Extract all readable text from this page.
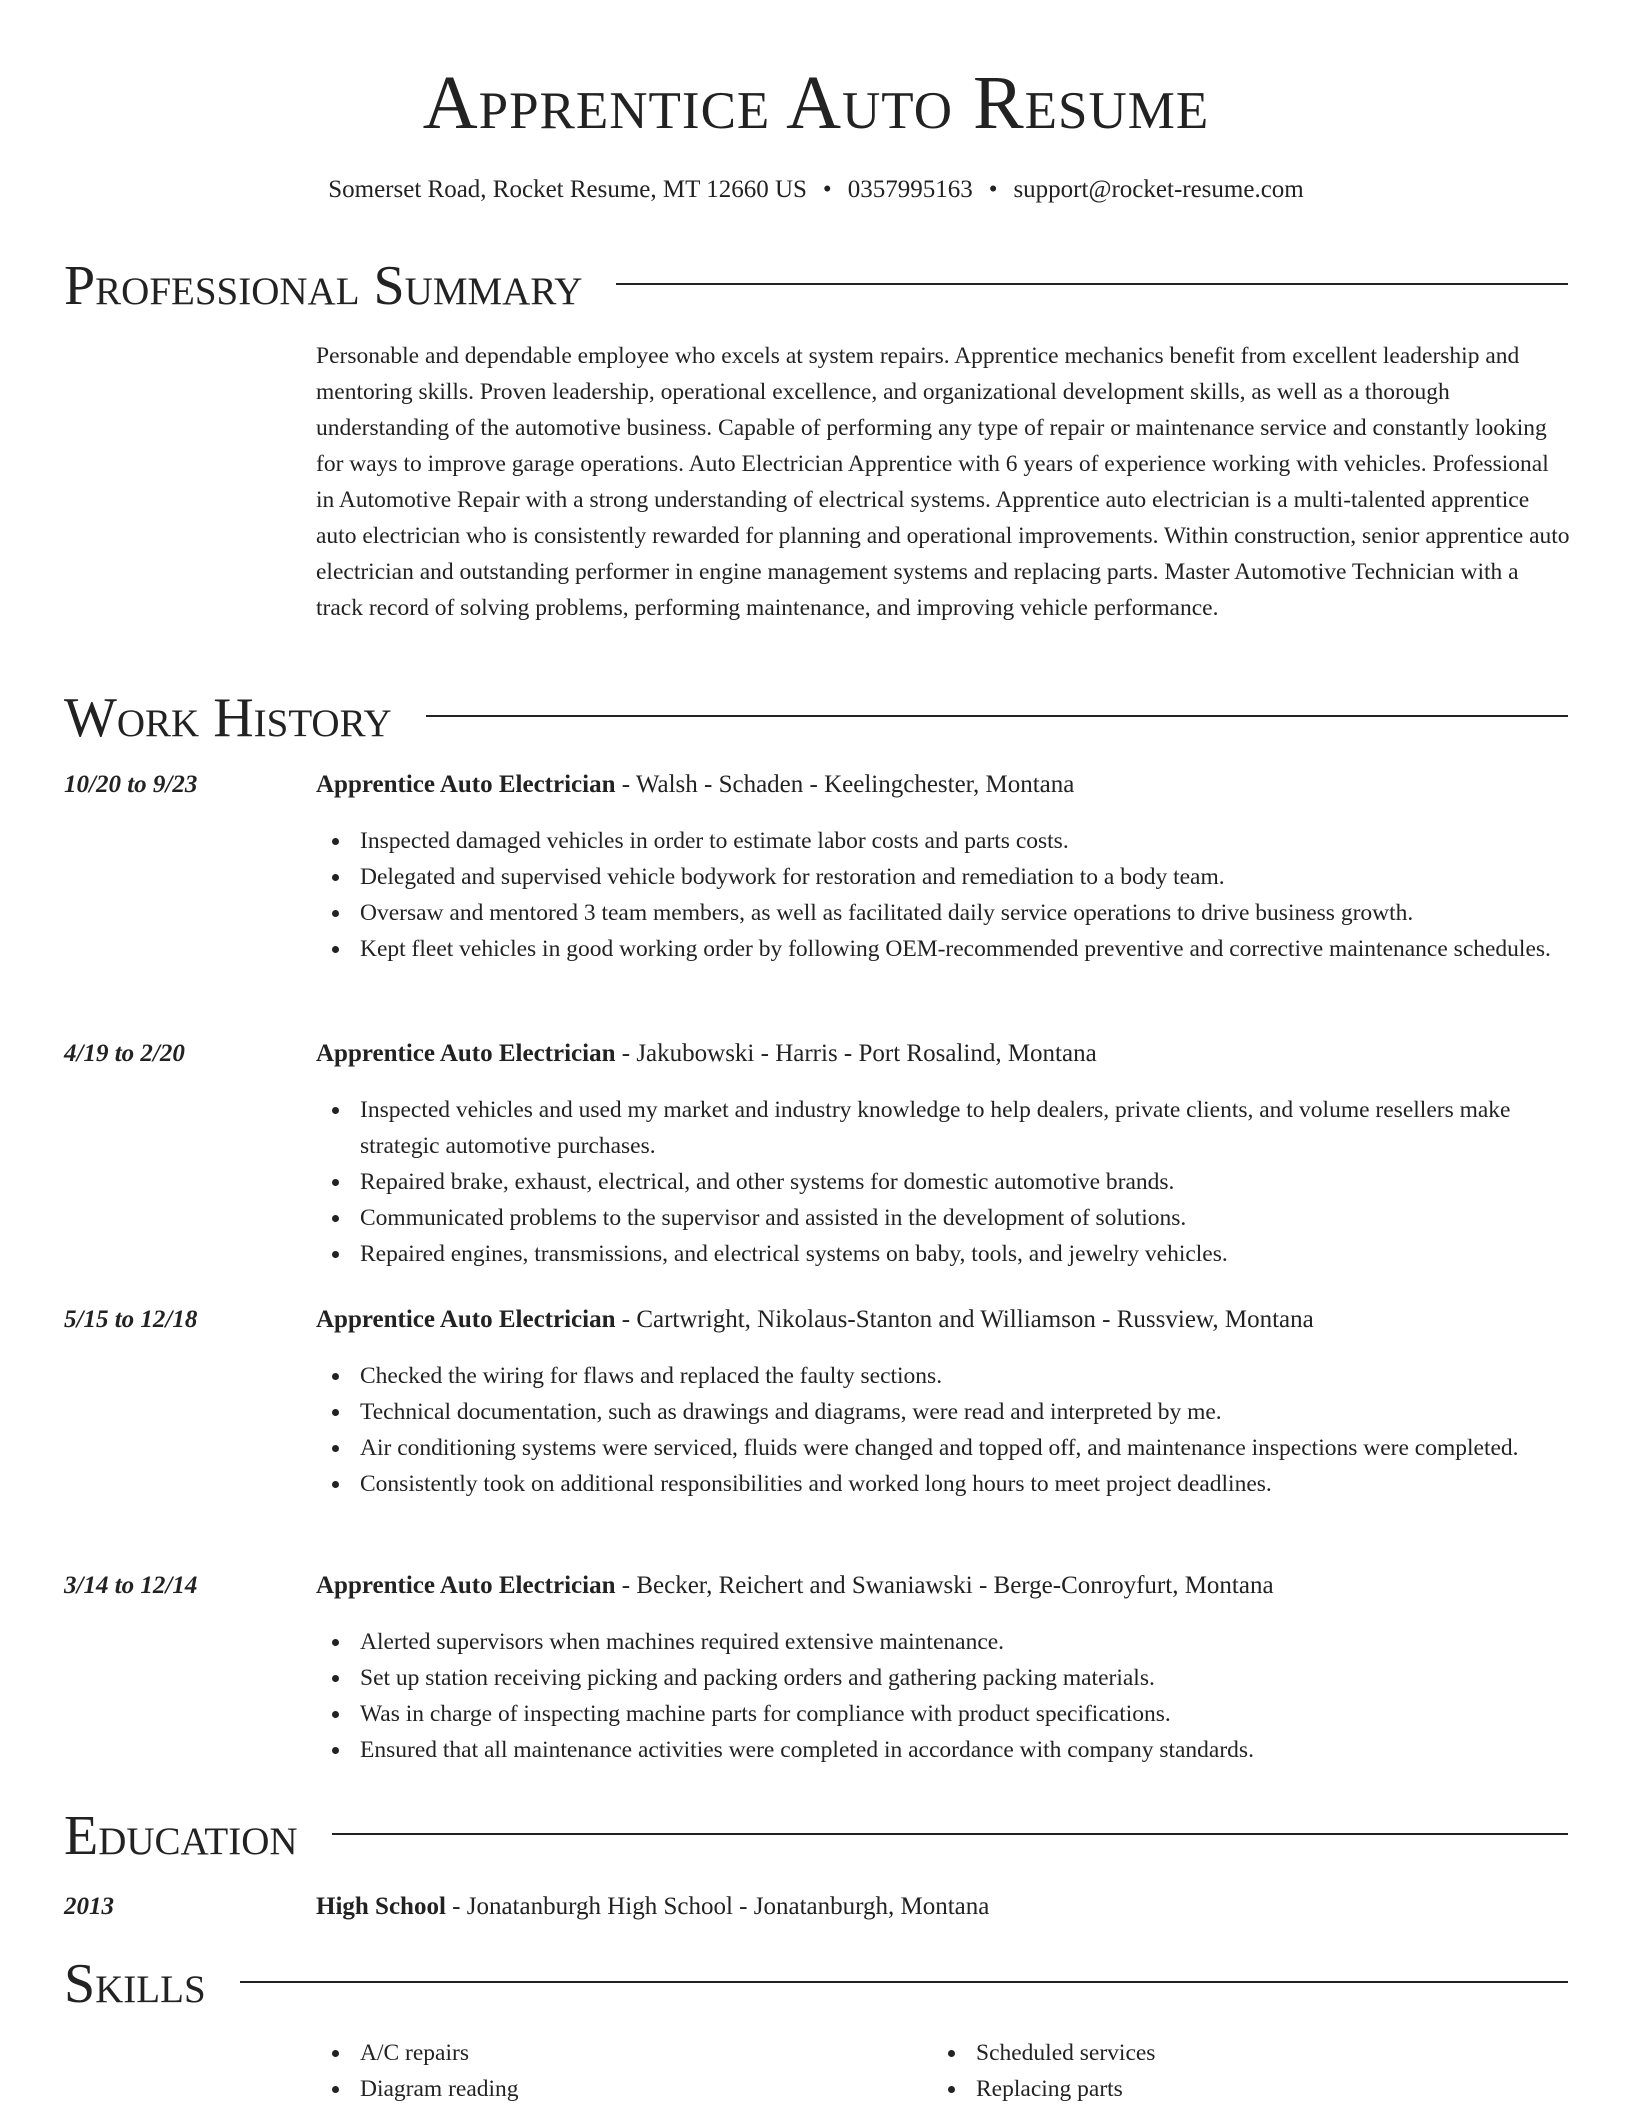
Apprentice Auto Resume
Somerset Road, Rocket Resume, MT 12660 US • 0357995163 • support@rocket-resume.com
Professional Summary

Personable and dependable employee who excels at system repairs. Apprentice mechanics benefit from excellent leadership and mentoring skills. Proven leadership, operational excellence, and organizational development skills, as well as a thorough understanding of the automotive business. Capable of performing any type of repair or maintenance service and constantly looking for ways to improve garage operations. Auto Electrician Apprentice with 6 years of experience working with vehicles. Professional in Automotive Repair with a strong understanding of electrical systems. Apprentice auto electrician is a multi-talented apprentice auto electrician who is consistently rewarded for planning and operational improvements. Within construction, senior apprentice auto electrician and outstanding performer in engine management systems and replacing parts. Master Automotive Technician with a track record of solving problems, performing maintenance, and improving vehicle performance.

Work History
10/20 to 9/23	Apprentice Auto Electrician - Walsh - Schaden - Keelingchester, Montana
Inspected damaged vehicles in order to estimate labor costs and parts costs.
Delegated and supervised vehicle bodywork for restoration and remediation to a body team.
Oversaw and mentored 3 team members, as well as facilitated daily service operations to drive business growth.
Kept fleet vehicles in good working order by following OEM-recommended preventive and corrective maintenance schedules.
4/19 to 2/20	Apprentice Auto Electrician - Jakubowski - Harris - Port Rosalind, Montana
Inspected vehicles and used my market and industry knowledge to help dealers, private clients, and volume resellers make strategic automotive purchases.
Repaired brake, exhaust, electrical, and other systems for domestic automotive brands.
Communicated problems to the supervisor and assisted in the development of solutions.
Repaired engines, transmissions, and electrical systems on baby, tools, and jewelry vehicles.
5/15 to 12/18	Apprentice Auto Electrician - Cartwright, Nikolaus-Stanton and Williamson - Russview, Montana
Checked the wiring for flaws and replaced the faulty sections.
Technical documentation, such as drawings and diagrams, were read and interpreted by me.
Air conditioning systems were serviced, fluids were changed and topped off, and maintenance inspections were completed.
Consistently took on additional responsibilities and worked long hours to meet project deadlines.
3/14 to 12/14	Apprentice Auto Electrician - Becker, Reichert and Swaniawski - Berge-Conroyfurt, Montana
Alerted supervisors when machines required extensive maintenance.
Set up station receiving picking and packing orders and gathering packing materials.
Was in charge of inspecting machine parts for compliance with product specifications.
Ensured that all maintenance activities were completed in accordance with company standards.
Education
2013	High School - Jonatanburgh High School - Jonatanburgh, Montana
Skills
A/C repairs
Diagram reading
Scheduled services
Replacing parts
